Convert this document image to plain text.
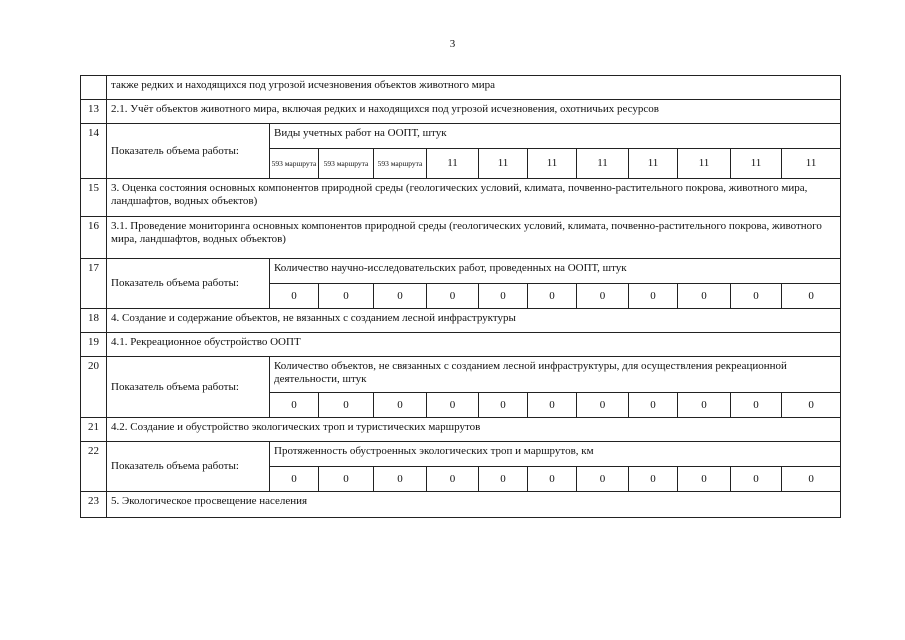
3
	также редких и находящихся под угрозой исчезновения объектов животного мира											
13	2.1. Учёт объектов животного мира, включая редких и находящихся под угрозой исчезновения, охотничьих ресурсов											
14	Показатель объема работы:	Виды учетных работ на ООПТ, штук										
		593 маршрута	593 маршрута	593 маршрута	11	11	11	11	11	11	11	11
15	3. Оценка состояния основных компонентов природной среды (геологических условий, климата, почвенно-растительного покрова, животного мира, ландшафтов, водных объектов)											
16	3.1. Проведение мониторинга основных компонентов природной среды (геологических условий, климата, почвенно-растительного покрова, животного мира, ландшафтов, водных объектов)											
17	Показатель объема работы:	Количество научно-исследовательских работ, проведенных на ООПТ, штук										
		0	0	0	0	0	0	0	0	0	0	0
18	4. Создание и содержание объектов, не вязанных с созданием лесной инфраструктуры											
19	4.1. Рекреационное обустройство ООПТ											
20	Показатель объема работы:	Количество объектов, не связанных с созданием лесной инфраструктуры, для осуществления рекреационной деятельности, штук										
		0	0	0	0	0	0	0	0	0	0	0
21	4.2. Создание и обустройство экологических троп и туристических маршрутов											
22	Показатель объема работы:	Протяженность обустроенных экологических троп и маршрутов, км										
		0	0	0	0	0	0	0	0	0	0	0
23	5. Экологическое просвещение населения											
